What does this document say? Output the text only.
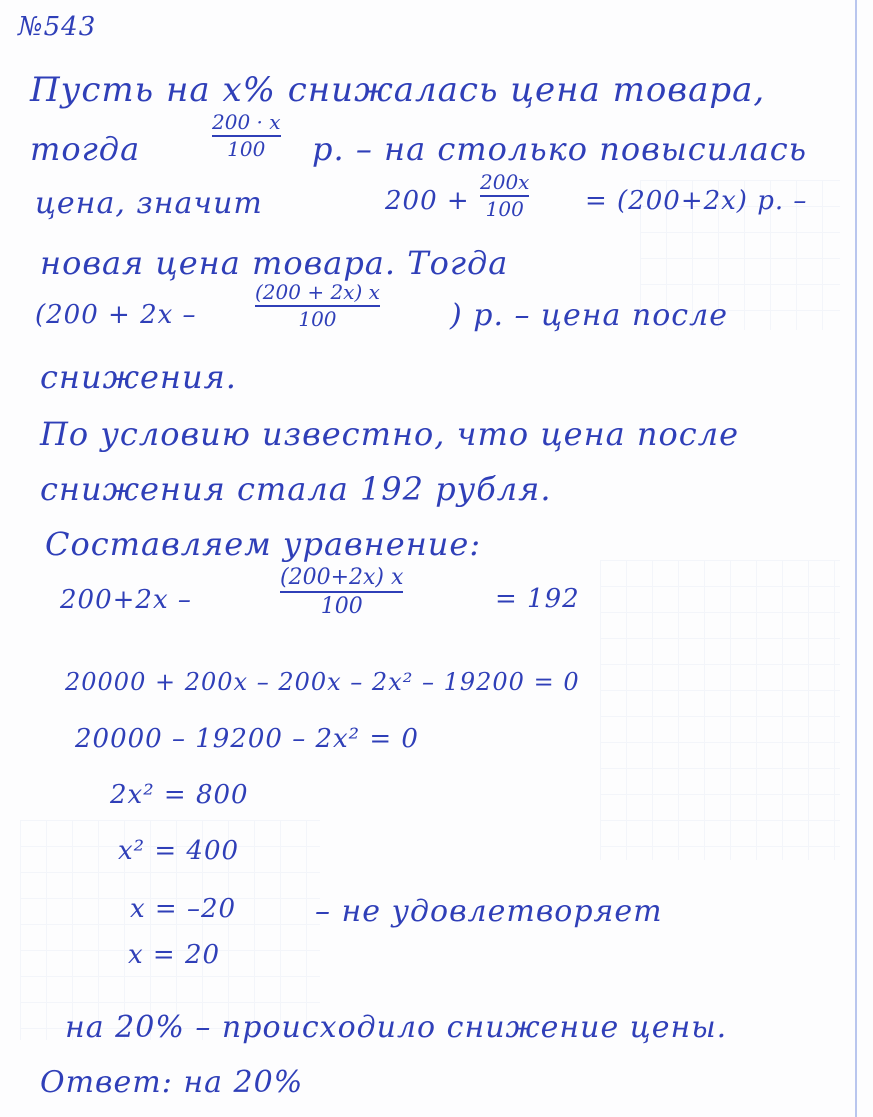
№543
Пусть на x% снижалась цена товара,
тогда
200 · x
100 р. – на столько повысилась
цена, значит	200 +
200x
100 = (200+2x) р. –
новая цена товара. Тогда
(200 + 2x –
(200 + 2x) x
100	) р. – цена после
снижения.
По условию известно, что цена после
снижения стала 192 рубля.
Составляем уравнение:
200+2x –
(200+2x) x
100	= 192
20000 + 200x – 200x – 2x² – 19200 = 0
20000 – 19200 – 2x² = 0
2x² = 800
x² = 400
x = –20	– не удовлетворяет
x = 20
на 20% – происходило снижение цены.
Ответ: на 20%
